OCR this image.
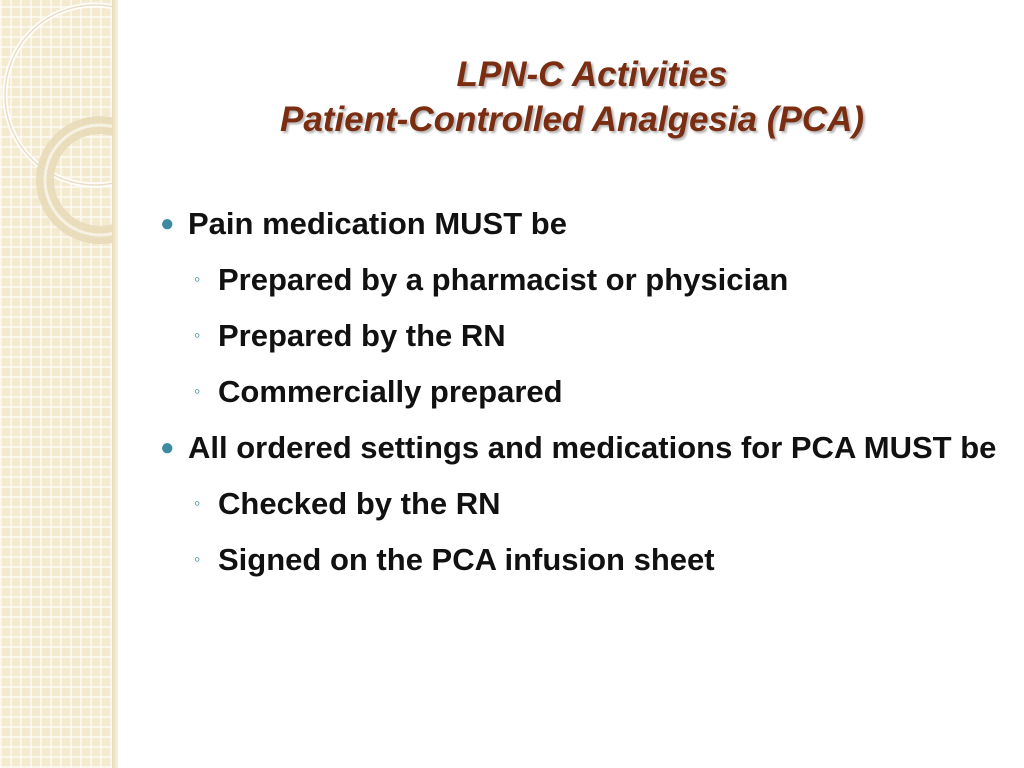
LPN-C Activities
Patient-Controlled Analgesia (PCA)
● Pain medication MUST be
◦ Prepared by a pharmacist or physician
◦ Prepared by the RN
◦ Commercially prepared
● All ordered settings and medications for PCA MUST be
◦ Checked by the RN
◦ Signed on the PCA infusion sheet
